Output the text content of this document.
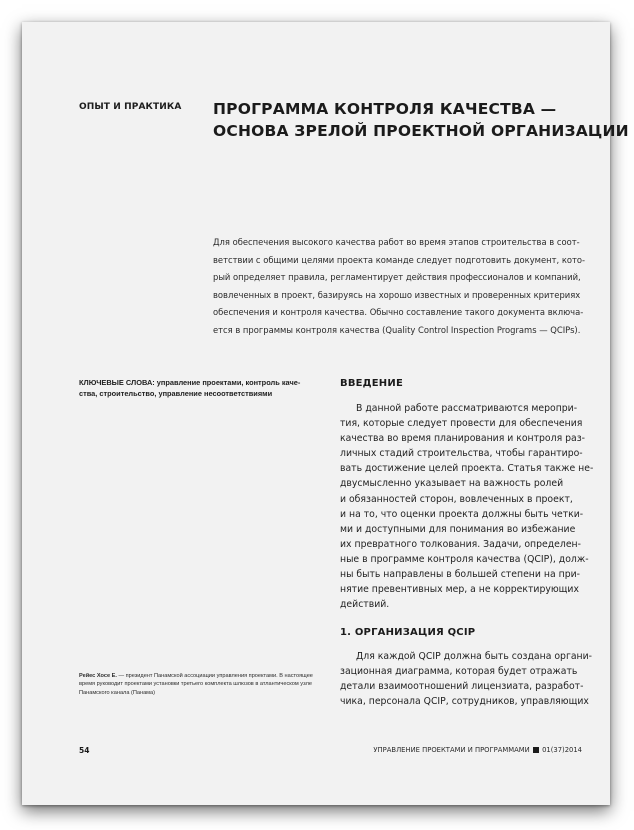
ОПЫТ И ПРАКТИКА ПРОГРАММА КОНТРОЛЯ КАЧЕСТВА —
ОСНОВА ЗРЕЛОЙ ПРОЕКТНОЙ ОРГАНИЗАЦИИ
Для обеспечения высокого качества работ во время этапов строительства в соот-
ветствии с общими целями проекта команде следует подготовить документ, кото-
рый определяет правила, регламентирует действия профессионалов и компаний,
вовлеченных в проект, базируясь на хорошо известных и проверенных критериях
обеспечения и контроля качества. Обычно составление такого документа включа-
ется в программы контроля качества (Quality Control Inspection Programs — QCIPs).
КЛЮЧЕВЫЕ СЛОВА: управление проектами, контроль каче-
ства, строительство, управление несоответствиями
ВВЕДЕНИЕ
В данной работе рассматриваются меропри-
тия, которые следует провести для обеспечения
качества во время планирования и контроля раз-
личных стадий строительства, чтобы гарантиро-
вать достижение целей проекта. Статья также не-
двусмысленно указывает на важность ролей
и обязанностей сторон, вовлеченных в проект,
и на то, что оценки проекта должны быть четки-
ми и доступными для понимания во избежание
их превратного толкования. Задачи, определен-
ные в программе контроля качества (QCIP), долж-
ны быть направлены в большей степени на при-
нятие превентивных мер, а не корректирующих
действий.
1. ОРГАНИЗАЦИЯ QCIP
Для каждой QCIP должна быть создана органи-
зационная диаграмма, которая будет отражать
детали взаимоотношений лицензиата, разработ-
чика, персонала QCIP, сотрудников, управляющих
Рейес Хосе Е. — президент Панамской ассоциации управления проектами. В настоящее
время руководит проектами установки третьего комплекта шлюзов в атлантическом узле
Панамского канала (Панама)
54	УПРАВЛЕНИЕ ПРОЕКТАМИ И ПРОГРАММАМИ 01(37)2014
